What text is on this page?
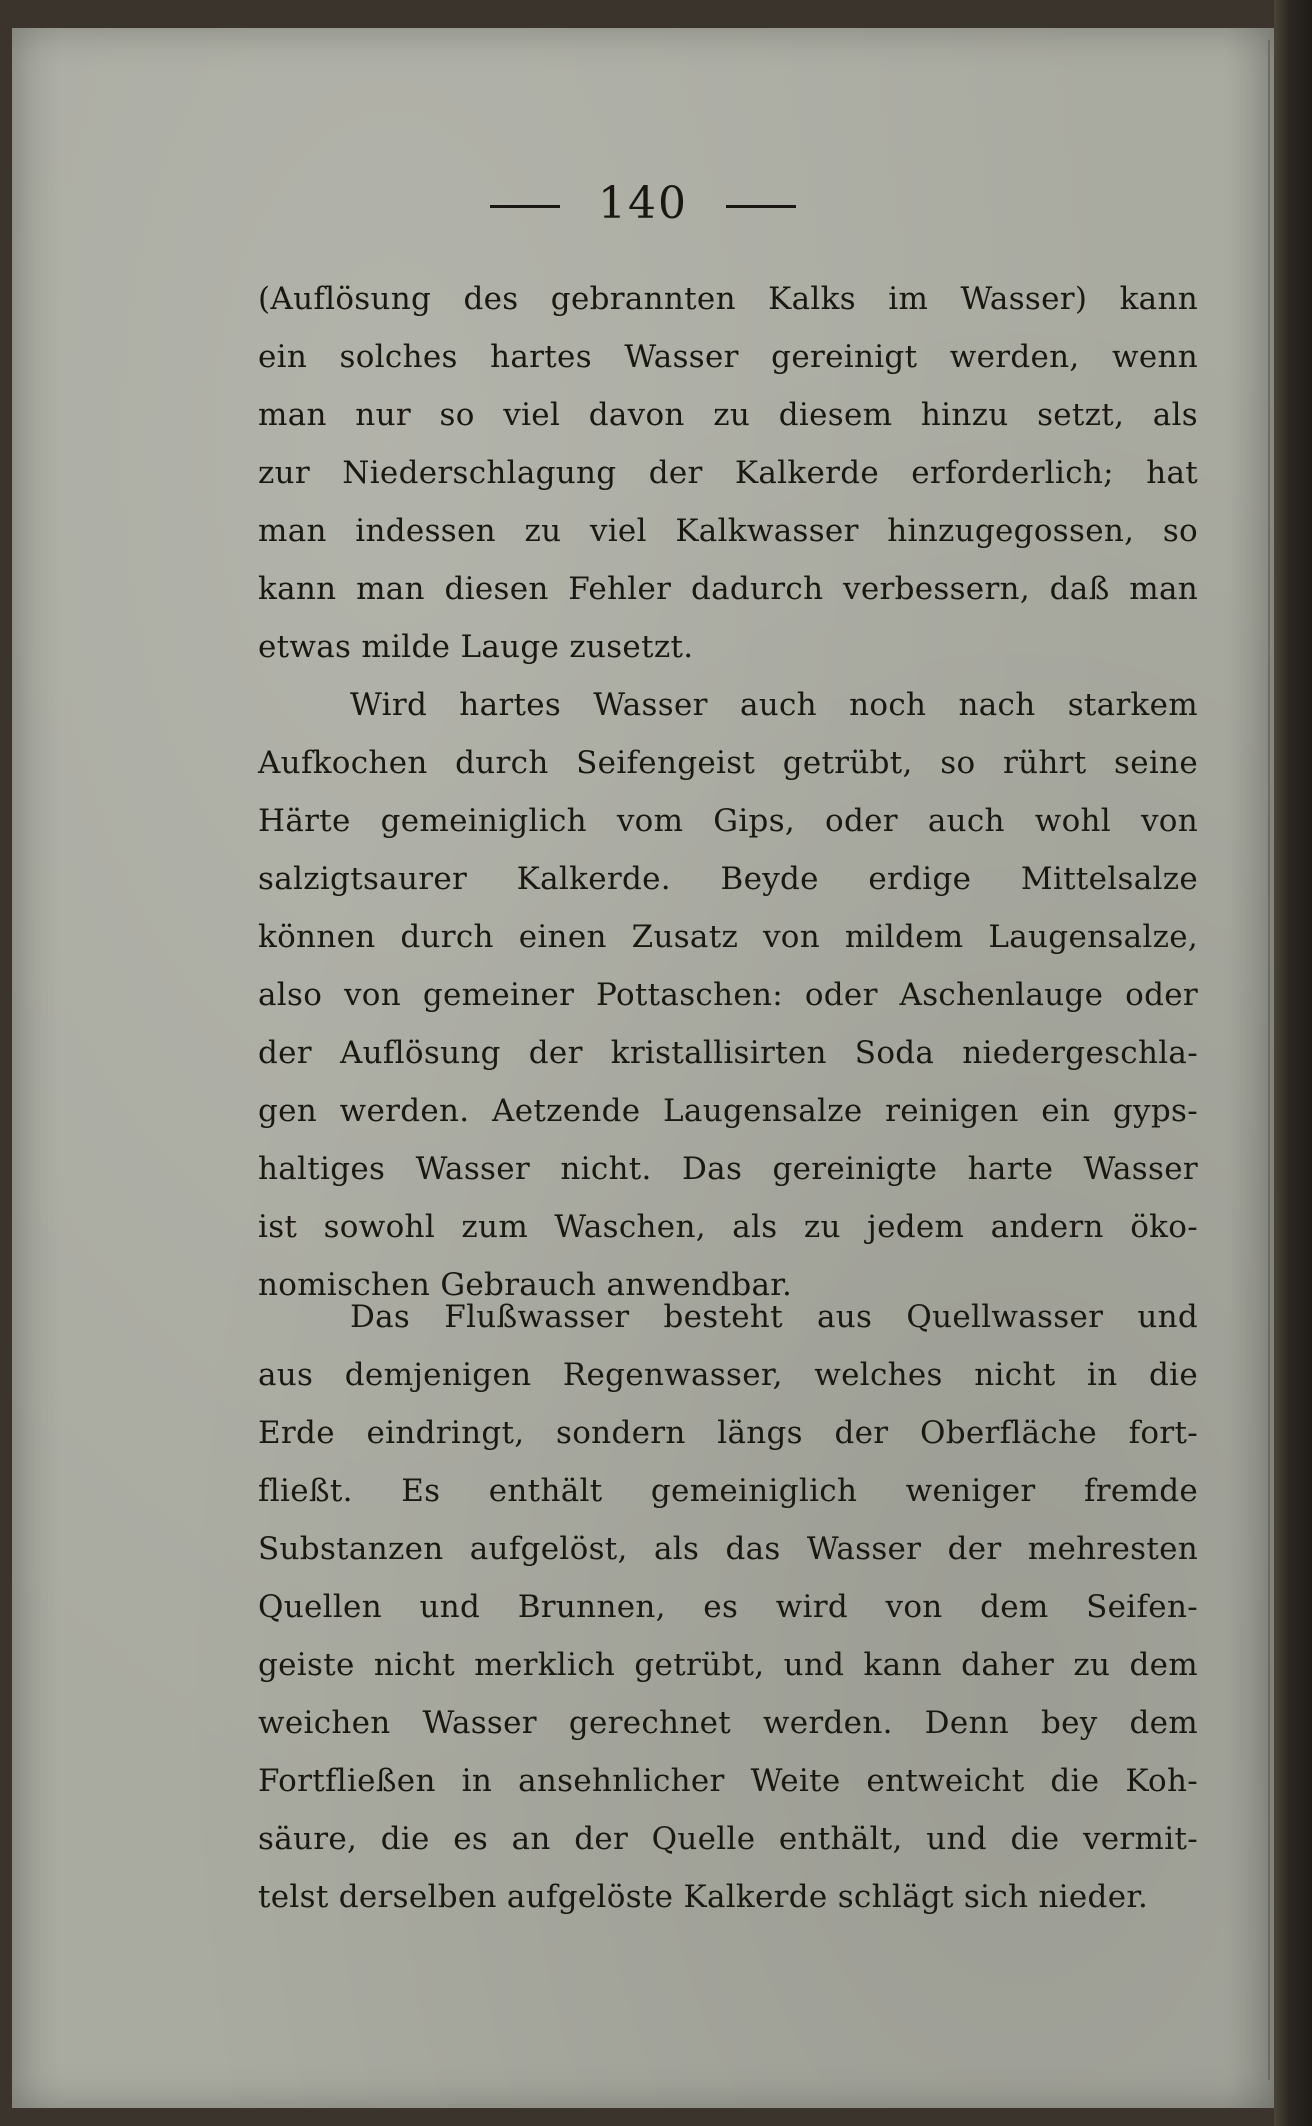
140
(Auflösung des gebrannten Kalks im Wasser) kann
ein solches hartes Wasser gereinigt werden, wenn
man nur so viel davon zu diesem hinzu setzt, als
zur Niederschlagung der Kalkerde erforderlich; hat
man indessen zu viel Kalkwasser hinzugegossen, so
kann man diesen Fehler dadurch verbessern, daß man
etwas milde Lauge zusetzt.
Wird hartes Wasser auch noch nach starkem
Aufkochen durch Seifengeist getrübt, so rührt seine
Härte gemeiniglich vom Gips, oder auch wohl von
salzigtsaurer Kalkerde. Beyde erdige Mittelsalze
können durch einen Zusatz von mildem Laugensalze,
also von gemeiner Pottaschen: oder Aschenlauge oder
der Auflösung der kristallisirten Soda niedergeschla-
gen werden. Aetzende Laugensalze reinigen ein gyps-
haltiges Wasser nicht. Das gereinigte harte Wasser
ist sowohl zum Waschen, als zu jedem andern öko-
nomischen Gebrauch anwendbar.
Das Flußwasser besteht aus Quellwasser und
aus demjenigen Regenwasser, welches nicht in die
Erde eindringt, sondern längs der Oberfläche fort-
fließt. Es enthält gemeiniglich weniger fremde
Substanzen aufgelöst, als das Wasser der mehresten
Quellen und Brunnen, es wird von dem Seifen-
geiste nicht merklich getrübt, und kann daher zu dem
weichen Wasser gerechnet werden. Denn bey dem
Fortfließen in ansehnlicher Weite entweicht die Koh-
säure, die es an der Quelle enthält, und die vermit-
telst derselben aufgelöste Kalkerde schlägt sich nieder.
